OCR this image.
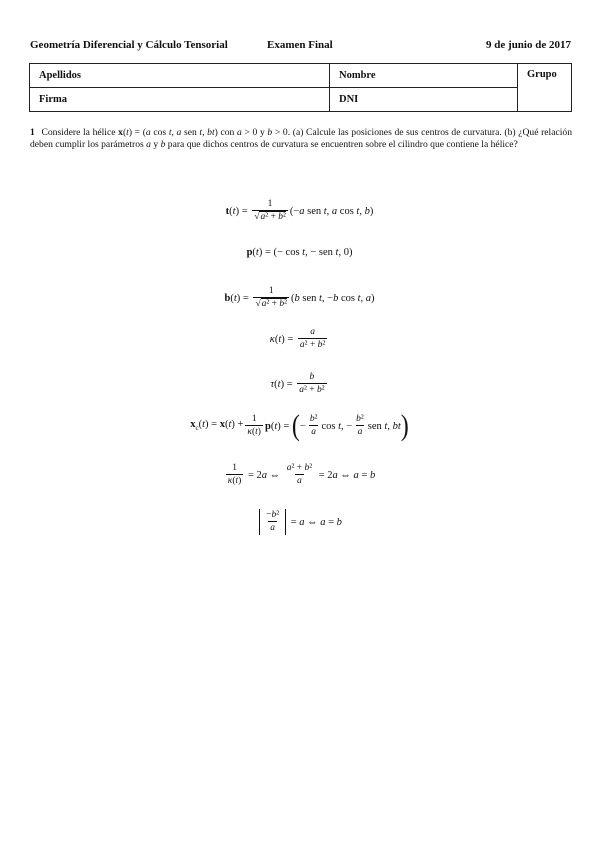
Geometría Diferencial y Cálculo Tensorial	Examen Final	9 de junio de 2017
Apellidos	Nombre	Grupo
Firma	DNI	
1 Considere la hélice x(t) = (a cos t, a sen t, bt) con a > 0 y b > 0. (a) Calcule las posiciones de sus centros de curvatura. (b) ¿Qué relación deben cumplir los parámetros a y b para que dichos centros de curvatura se encuentren sobre el cilindro que contiene la hélice?
$t(t) = \frac{1}{\text{√a² + b²}} (-a$ sen t, a cos t, b)
p(t) = (− cos t, − sen t, 0)
$b(t) = \frac{1}{\text{√a² + b²}} (b$ sen t, −b cos t, a)
$\kappa(t) = \frac{a}{\text{a² + b²}}$
$\tau(t) = \frac{b}{\text{a² + b²}}$
$x_c(t) = x(t) + \frac{1}{\kappa(t)} p(t)$ = ( − $\frac{\text{b²}}{a}$ cos t, − $\frac{\text{b²}}{a}$ sen t, bt )
$\frac{1}{\kappa(t)} = 2a$ ⇔ $\frac{\text{a² + b²}}{a} = 2a$ ⇔ a = b
$\frac{\text{−b²}}{a} = a$ ⇔ a = b
